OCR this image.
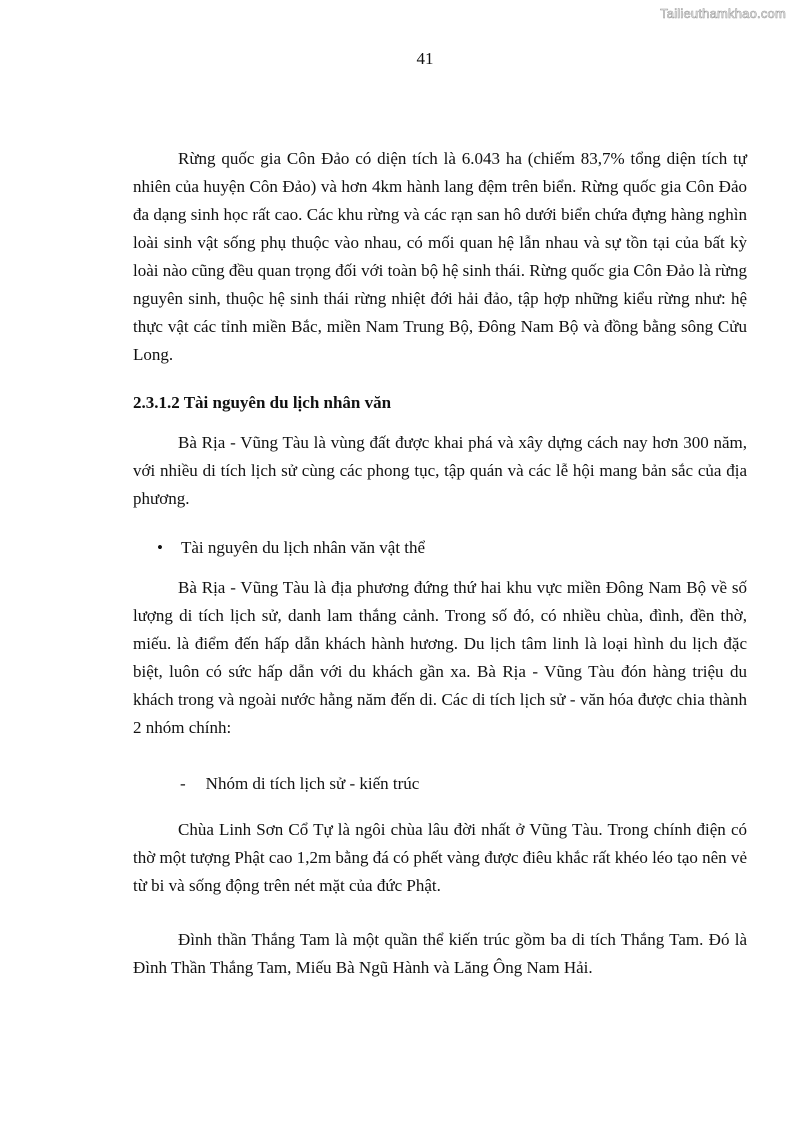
Tailieuthamkhao.com
41
Rừng quốc gia Côn Đảo có diện tích là 6.043 ha (chiếm 83,7% tổng diện tích tự nhiên của huyện Côn Đảo) và hơn 4km hành lang đệm trên biển. Rừng quốc gia Côn Đảo đa dạng sinh học rất cao. Các khu rừng và các rạn san hô dưới biển chứa đựng hàng nghìn loài sinh vật sống phụ thuộc vào nhau, có mối quan hệ lẫn nhau và sự tồn tại của bất kỳ loài nào cũng đều quan trọng đối với toàn bộ hệ sinh thái. Rừng quốc gia Côn Đảo là rừng nguyên sinh, thuộc hệ sinh thái rừng nhiệt đới hải đảo, tập hợp những kiểu rừng như: hệ thực vật các tỉnh miền Bắc, miền Nam Trung Bộ, Đông Nam Bộ và đồng bằng sông Cửu Long.
2.3.1.2 Tài nguyên du lịch nhân văn
Bà Rịa - Vũng Tàu là vùng đất được khai phá và xây dựng cách nay hơn 300 năm, với nhiều di tích lịch sử cùng các phong tục, tập quán và các lễ hội mang bản sắc của địa phương.
• Tài nguyên du lịch nhân văn vật thể
Bà Rịa - Vũng Tàu là địa phương đứng thứ hai khu vực miền Đông Nam Bộ về số lượng di tích lịch sử, danh lam thắng cảnh. Trong số đó, có nhiều chùa, đình, đền thờ, miếu. là điểm đến hấp dẫn khách hành hương. Du lịch tâm linh là loại hình du lịch đặc biệt, luôn có sức hấp dẫn với du khách gần xa. Bà Rịa - Vũng Tàu đón hàng triệu du khách trong và ngoài nước hằng năm đến di. Các di tích lịch sử - văn hóa được chia thành 2 nhóm chính:
- Nhóm di tích lịch sử - kiến trúc
Chùa Linh Sơn Cổ Tự là ngôi chùa lâu đời nhất ở Vũng Tàu. Trong chính điện có thờ một tượng Phật cao 1,2m bằng đá có phết vàng được điêu khắc rất khéo léo tạo nên vẻ từ bi và sống động trên nét mặt của đức Phật.
Đình thần Thắng Tam là một quần thể kiến trúc gồm ba di tích Thắng Tam. Đó là Đình Thần Thắng Tam, Miếu Bà Ngũ Hành và Lăng Ông Nam Hải.
